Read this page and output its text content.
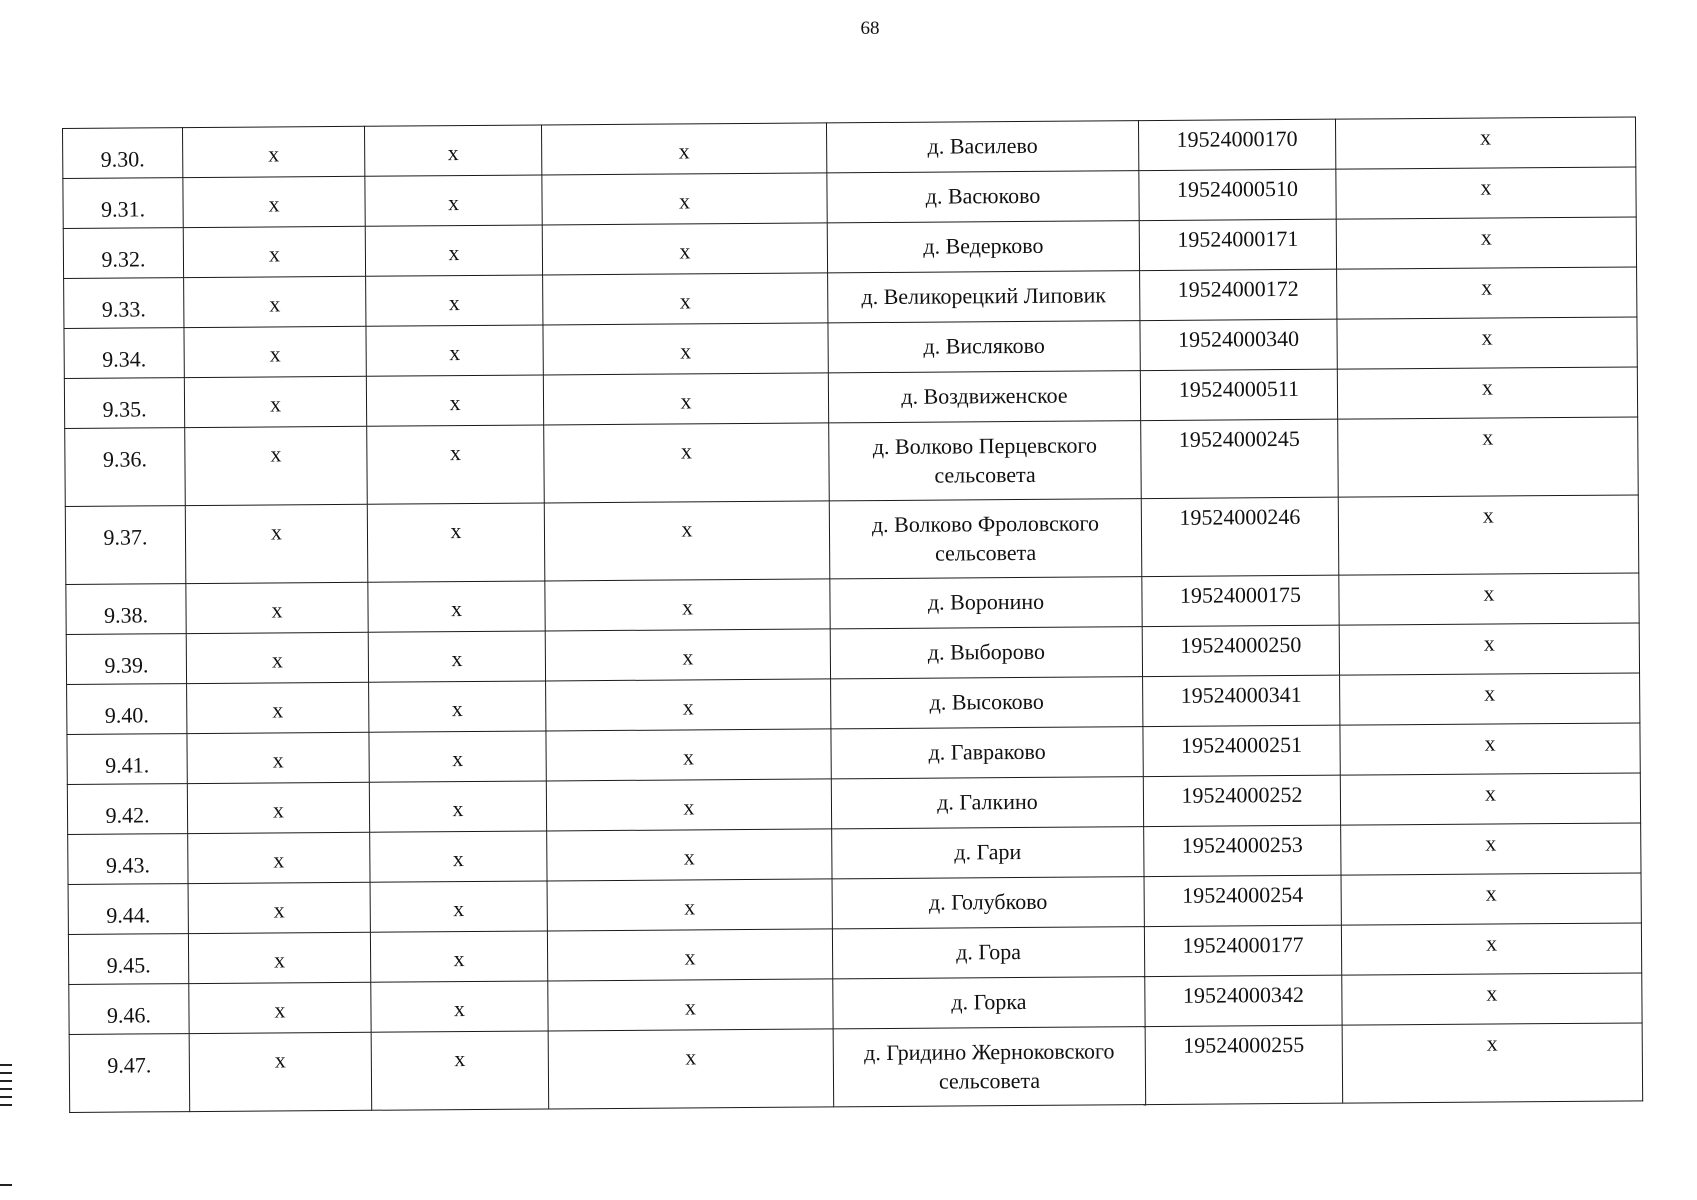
68
9.30.	x	x	x	д. Василево	19524000170	x
9.31.	x	x	x	д. Васюково	19524000510	x
9.32.	x	x	x	д. Ведерково	19524000171	x
9.33.	x	x	x	д. Великорецкий Липовик	19524000172	x
9.34.	x	x	x	д. Висляково	19524000340	x
9.35.	x	x	x	д. Воздвиженское	19524000511	x
9.36.	x	x	x	д. Волково Перцевского сельсовета	19524000245	x
9.37.	x	x	x	д. Волково Фроловского сельсовета	19524000246	x
9.38.	x	x	x	д. Воронино	19524000175	x
9.39.	x	x	x	д. Выборово	19524000250	x
9.40.	x	x	x	д. Высоково	19524000341	x
9.41.	x	x	x	д. Гавраково	19524000251	x
9.42.	x	x	x	д. Галкино	19524000252	x
9.43.	x	x	x	д. Гари	19524000253	x
9.44.	x	x	x	д. Голубково	19524000254	x
9.45.	x	x	x	д. Гора	19524000177	x
9.46.	x	x	x	д. Горка	19524000342	x
9.47.	x	x	x	д. Гридино Жерноковского сельсовета	19524000255	x
